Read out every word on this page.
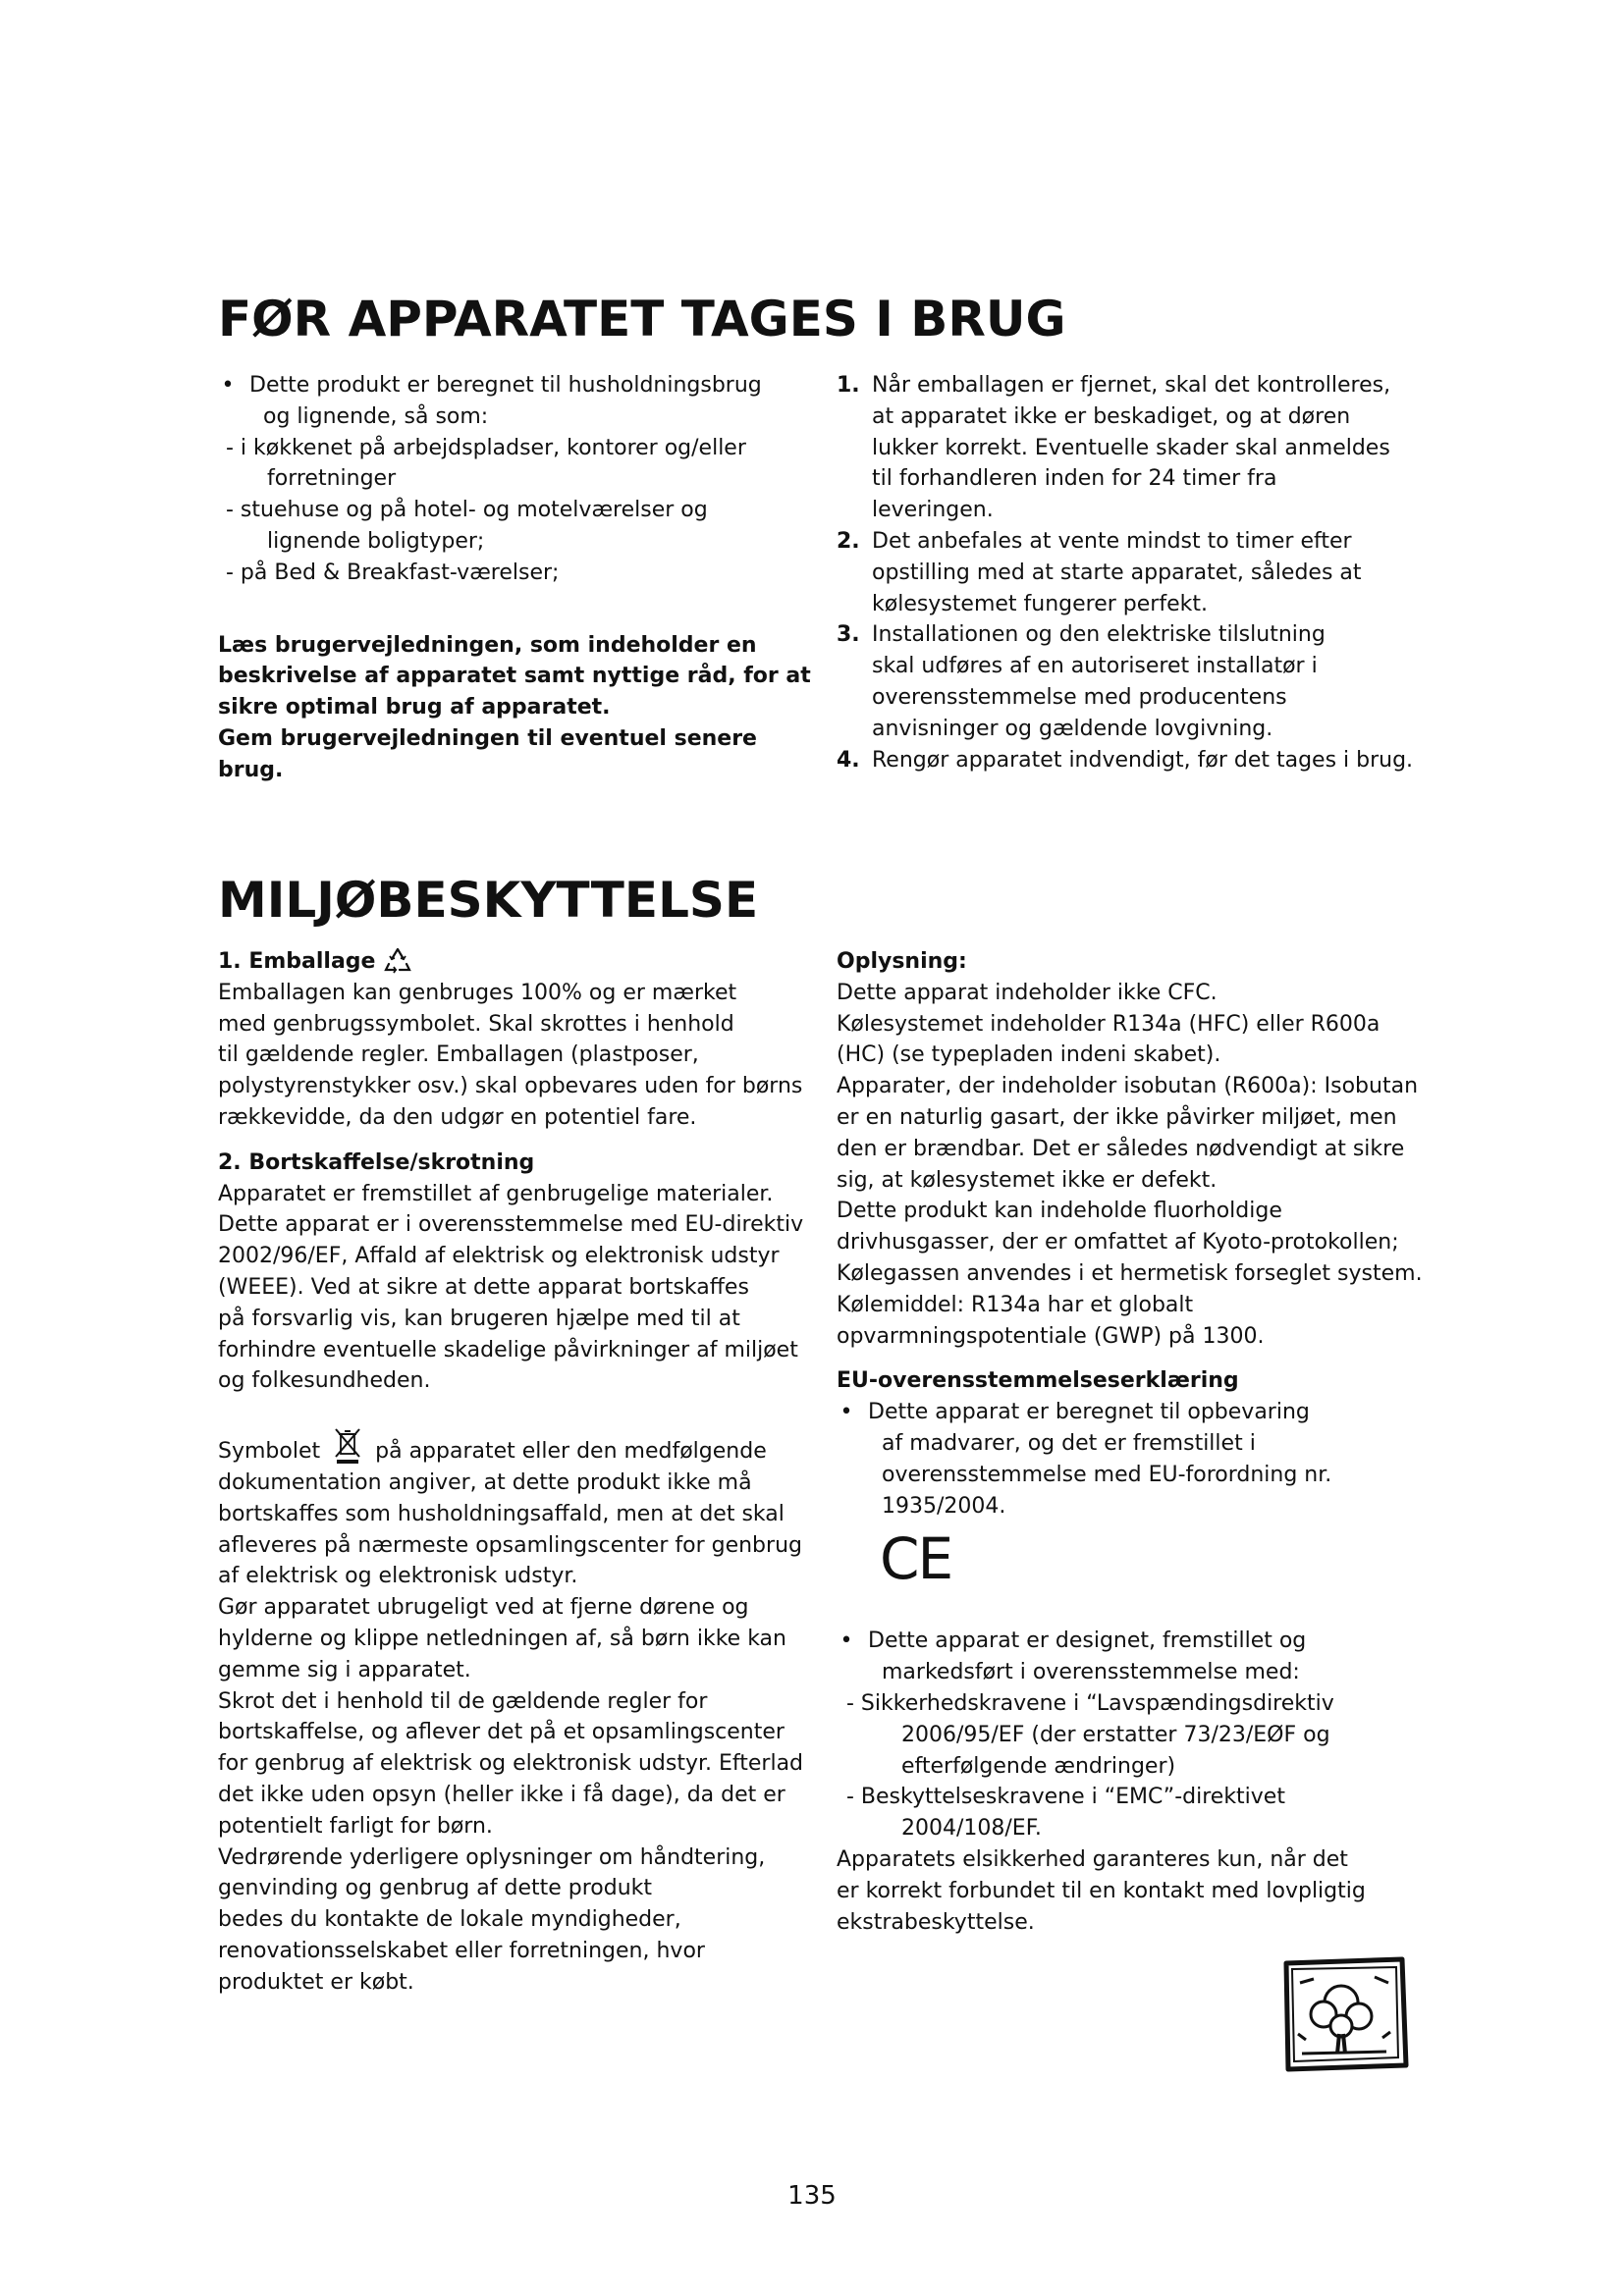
FØR APPARATET TAGES I BRUG
• Dette produkt er beregnet til husholdningsbrug

og lignende, så som:

- i køkkenet på arbejdspladser, kontorer og/eller forretninger

- stuehuse og på hotel- og motelværelser og lignende boligtyper;

- på Bed & Breakfast-værelser;

Læs brugervejledningen, som indeholder en

beskrivelse af apparatet samt nyttige råd, for at

sikre optimal brug af apparatet.

Gem brugervejledningen til eventuel senere brug.

1. Når emballagen er fjernet, skal det kontrolleres, at apparatet ikke er beskadiget, og at døren lukker korrekt. Eventuelle skader skal anmeldes til forhandleren inden for 24 timer fra leveringen.

2. Det anbefales at vente mindst to timer efter opstilling med at starte apparatet, således at kølesystemet fungerer perfekt.

3. Installationen og den elektriske tilslutning skal udføres af en autoriseret installatør i overensstemmelse med producentens anvisninger og gældende lovgivning.

4. Rengør apparatet indvendigt, før det tages i brug.

MILJØBESKYTTELSE

1. Emballage

Emballagen kan genbruges 100% og er mærket

med genbrugssymbolet. Skal skrottes i henhold

til gældende regler. Emballagen (plastposer,

polystyrenstykker osv.) skal opbevares uden for børns

rækkevidde, da den udgør en potentiel fare.

2. Bortskaffelse/skrotning

Apparatet er fremstillet af genbrugelige materialer.

Dette apparat er i overensstemmelse med EU-direktiv

2002/96/EF, Affald af elektrisk og elektronisk udstyr

(WEEE). Ved at sikre at dette apparat bortskaffes

på forsvarlig vis, kan brugeren hjælpe med til at

forhindre eventuelle skadelige påvirkninger af miljøet

og folkesundheden.

Symbolet	på apparatet eller den medfølgende

dokumentation angiver, at dette produkt ikke må

bortskaffes som husholdningsaffald, men at det skal

afleveres på nærmeste opsamlingscenter for genbrug

af elektrisk og elektronisk udstyr.

Gør apparatet ubrugeligt ved at fjerne dørene og

hylderne og klippe netledningen af, så børn ikke kan

gemme sig i apparatet.

Skrot det i henhold til de gældende regler for

bortskaffelse, og aflever det på et opsamlingscenter

for genbrug af elektrisk og elektronisk udstyr. Efterlad

det ikke uden opsyn (heller ikke i få dage), da det er

potentielt farligt for børn.

Vedrørende yderligere oplysninger om håndtering,

genvinding og genbrug af dette produkt

bedes du kontakte de lokale myndigheder,

renovationsselskabet eller forretningen, hvor

produktet er købt.

Oplysning:

Dette apparat indeholder ikke CFC.

Kølesystemet indeholder R134a (HFC) eller R600a

(HC) (se typepladen indeni skabet).

Apparater, der indeholder isobutan (R600a): Isobutan

er en naturlig gasart, der ikke påvirker miljøet, men

den er brændbar. Det er således nødvendigt at sikre

sig, at kølesystemet ikke er defekt.

Dette produkt kan indeholde fluorholdige

drivhusgasser, der er omfattet af Kyoto-protokollen;

Kølegassen anvendes i et hermetisk forseglet system.

Kølemiddel: R134a har et globalt

opvarmningspotentiale (GWP) på 1300.

EU-overensstemmelseserklæring

• Dette apparat er beregnet til opbevaring

af madvarer, og det er fremstillet i

overensstemmelse med EU-forordning nr.

1935/2004.

CE
• Dette apparat er designet, fremstillet og

markedsført i overensstemmelse med:

- Sikkerhedskravene i “Lavspændingsdirektiv

2006/95/EF (der erstatter 73/23/EØF og

efterfølgende ændringer)

- Beskyttelseskravene i “EMC”-direktivet

2004/108/EF.

Apparatets elsikkerhed garanteres kun, når det

er korrekt forbundet til en kontakt med lovpligtig

ekstrabeskyttelse.

135
